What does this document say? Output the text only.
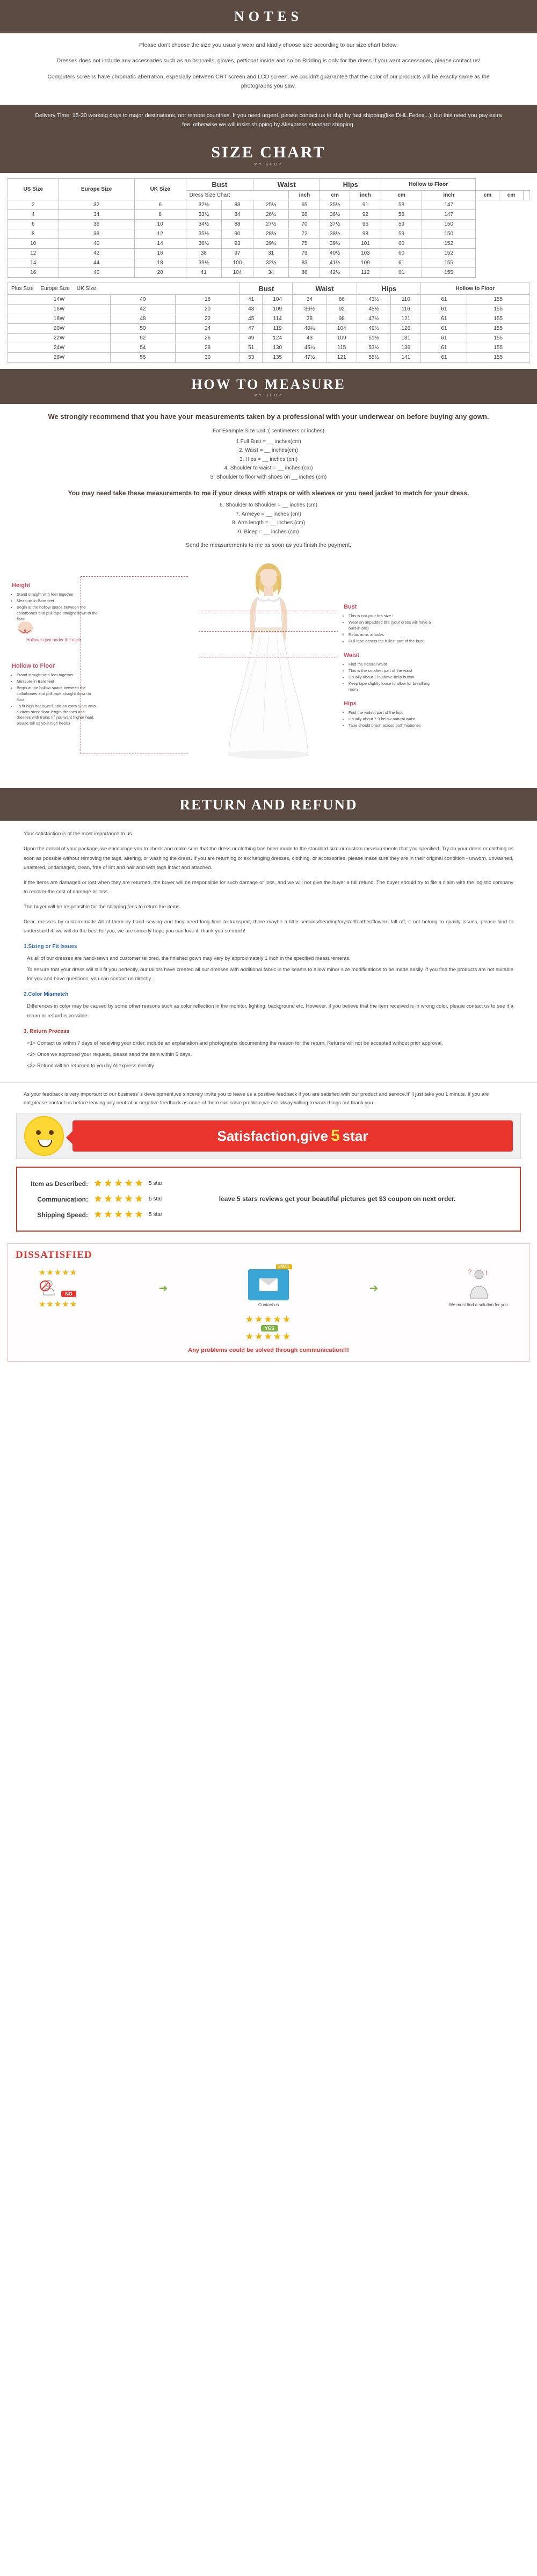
NOTES

Please don't choose the size you usually wear and kindly choose size according to our size chart below.

Dresses does not include any accessaries such as an bsp;veils, gloves, petticoat inside and so on.Bidding is only for the dress.If you want accessories, please contact us!

Computers screens have chromatic aberration, especially between CRT screen and LCD screen. we couldn't guarrantee that the color of our products will be exactly same as the photographs you saw.

Delivery Time: 15-30 working days to major destinations, not remote countries. If you need urgent, please contact us to ship by fast shipping(like DHL,Fedex...), but this need you pay extra fee. otherwise we will insist shipping by Aliexpress standard shipping.
SIZE CHART
MY SHOP
US Size	Europe Size	UK Size	Bust		Waist		Hips		Hollow to Floor				
			Dress Size Chart			inch	cm	inch	cm	inch	cm	cm	
2	32	6	32½	83	25½	65	35½	91	58	147			
4	34	8	33½	84	26½	68	36½	92	58	147			
6	36	10	34½	88	27½	70	37½	96	59	150			
8	38	12	35½	90	28½	72	38½	98	59	150			
10	40	14	36½	93	29½	75	39½	101	60	152			
12	42	16	38	97	31	79	40½	103	60	152			
14	44	18	39½	100	32½	83	41½	109	61	155			
16	46	20	41	104	34	86	42½	112	61	155			
Plus Size Europe Size UK Size			Bust		Waist		Hips		Hollow to Floor	
14W	40	18	41	104	34	86	43½	110	61	155
16W	42	20	43	109	36½	92	45½	116	61	155
18W	48	22	45	114	38	98	47½	121	61	155
20W	50	24	47	119	40¼	104	49½	126	61	155
22W	52	26	49	124	43	109	51½	131	61	155
24W	54	28	51	130	45¼	115	53½	136	61	155
26W	56	30	53	135	47½	121	55½	141	61	155
HOW TO MEASURE
MY SHOP
We strongly recommend that you have your measurements taken by a professional with your underwear on before buying any gown.
For Example:Size unit :( centimeters or inches)
1.Full Bust = __ inches(cm)
2. Waist = __ inches(cm)
3. Hips = __ inches (cm)
4. Shoulder to waist = __ inches (cm)
5. Shoulder to floor with shoes on __ inches (cm)
You may need take these measurements to me if your dress with straps or with sleeves or you need jacket to match for your dress.
6. Shoulder to Shoulder = __ inches (cm)
7. Armeye = __ inches (cm)
8. Arm length = __ inches (cm)
9. Bicep = __ inches (cm)
Send the measurements to me as soon as you finish the payment.
Height
• Stand straight with feet together
• Measure in Bare feet
• Begin at the hollow space between the collarbones and pull tape straight down to the floor
Hollow is just under the neck
Hollow to Floor
• Stand straight with feet together
• Measure in Bare feet
• Begin at the hollow space between the collarbones and pull tape straight down to floor
• To fit high heels,we'll add an extra 5 cm onto custom-sized floor-length dresses and dresses with trains (If you want higher heel, please tell us your high heels)
Bust
• This is not your bra size !
• Wear an unpadded bra (your dress will have a built-in bra)
• Relax arms at sides
• Pull tape across the fullest part of the bust
Waist
• Find the natural waist
• This is the smallest part of the waist
• Usually about 1 in above belly button
• Keep tape slightly loose to allow for breathing room
Hips
• Find the widest part of the hips
• Usually about 7-9 below natural waist
• Tape should brush across both hipbones
RETURN AND REFUND

Your satisfaction is of the most importance to us.

Upon the arrival of your package, we encourage you to check and make sure that the dress or clothing has been made to the standard size or custom measurements that you specified. Try on your dress or clothing as soon as possible without removing the tags, altering, or washing the dress. If you are returning or exchanging dresses, clothing, or accessories, please make sure they are in their original condition - unworn, unwashed, unaltered, undamaged, clean, free of lint and hair and with tags intact and attached.

If the items are damaged or lost when they are returned, the buyer will be responsible for such damage or loss, and we will not give the buyer a full refund. The buyer should try to file a claim with the logistic company to recover the cost of damage or loss.

The buyer will be responsible for the shipping fees to return the items.

Dear, dresses by custom-made All of them by hand sewing and they need long time to transport, there maybe a little sequins/beading/crystal/feather/flowers fall off, it not belong to quality issues, please kind to understand it, we will do the best for you, we are sincerly hope you can love it, thank you so much!

1.Sizing or Fit Issues

As all of our dresses are hand-sewn and customer tailored, the finished gown may vary by approximately 1 inch in the specified measurements.

To ensure that your dress will still fit you perfectly, our tailors have created all our dresses with additional fabric in the seams to allow minor size modifications to be made easily. If you find the products are not suitable for you and have questions, you can contact us directly.

2.Color Mismatch

Differences in color may be caused by some other reasons such as color reflection in the monitor, lighting, background etc. However, if you believe that the item received is in wrong color, please contact us to see if a return or refund is possible.

3. Return Process

<1> Contact us within 7 days of receiving your order, include an explanation and photographs documenting the reason for the return. Returns will not be accepted without prior approval.

<2> Once we approved your request, please send the item within 5 days.

<3> Refund will be returned to you by Aliexpress directly

As your feedback is very important to our business' s development,we sincerely invite you to leave us a positive feedback if you are satisfied with our product and service.It' ll just take you 1 minute. If you are not,please contact us before leaving any neutral or negative feedback as none of them can solve problem,we are alway willing to work things out.thank you.
Satisfaction,give 5 star
Item as Described: ★★★★★ 5 star
Communication: ★★★★★ 5 star
Shipping Speed: ★★★★★ 5 star
leave 5 stars reviews get your beautiful pictures get $3 coupon on next order.
DISSATISFIED
★★★★★
NO
★★★★★
➜
EMAIL
Contact us
➜
!
?
We must find a solution for you.
★★★★★
YES
★★★★★
Any problems could be solved through communication!!!
